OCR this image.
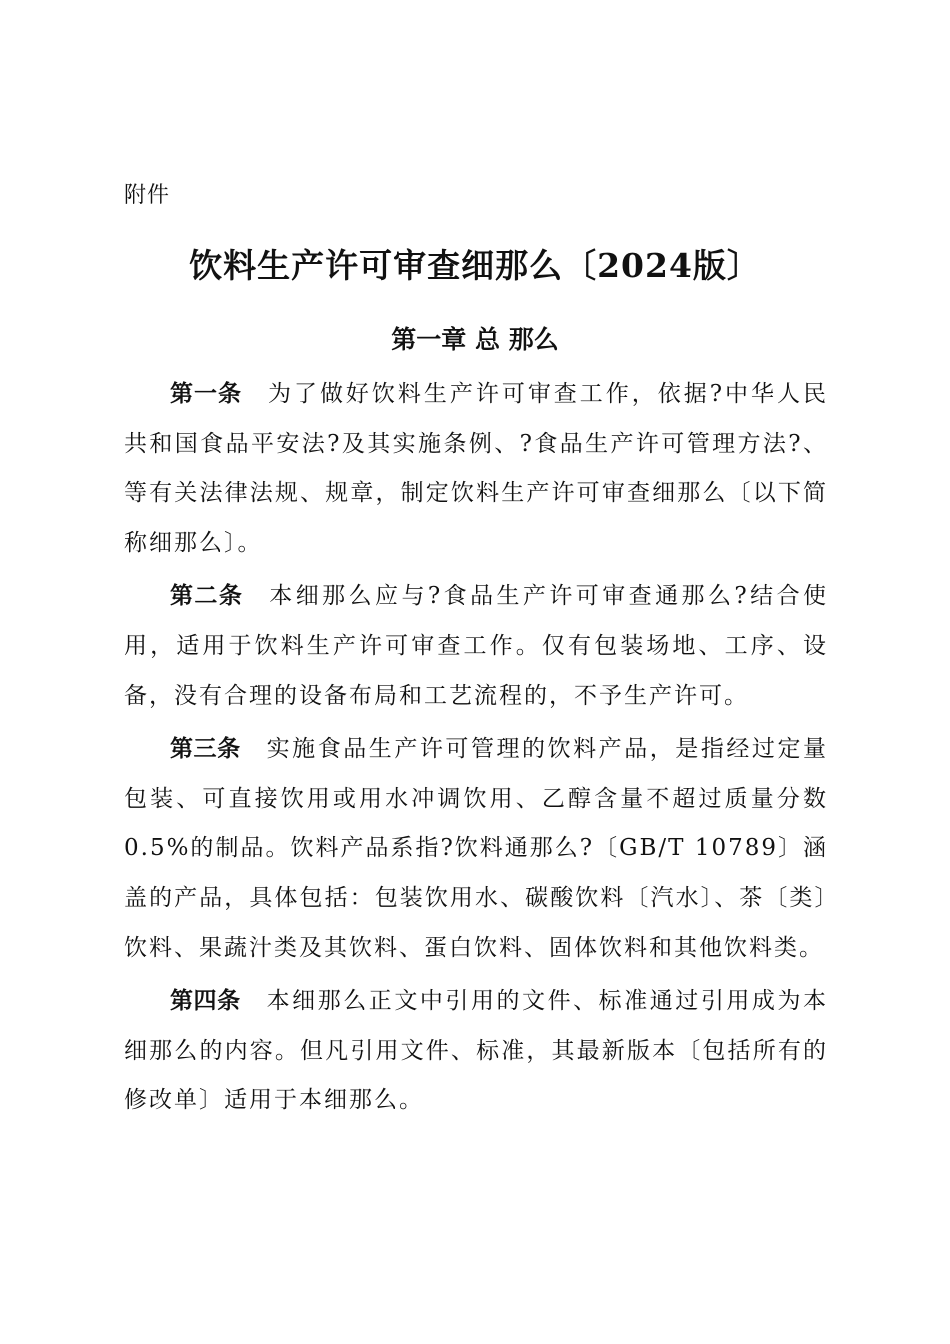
附件
饮料生产许可审查细那么〔2024版〕
第一章 总 那么

第一条 为了做好饮料生产许可审查工作，依据?中华人民共和国食品平安法?及其实施条例、?食品生产许可管理方法?、等有关法律法规、规章，制定饮料生产许可审查细那么〔以下简称细那么〕。

第二条 本细那么应与?食品生产许可审查通那么?结合使用，适用于饮料生产许可审查工作。仅有包装场地、工序、设备，没有合理的设备布局和工艺流程的，不予生产许可。

第三条 实施食品生产许可管理的饮料产品，是指经过定量包装、可直接饮用或用水冲调饮用、乙醇含量不超过质量分数0.5%的制品。饮料产品系指?饮料通那么?〔GB/T 10789〕涵盖的产品，具体包括：包装饮用水、碳酸饮料〔汽水〕、茶〔类〕饮料、果蔬汁类及其饮料、蛋白饮料、固体饮料和其他饮料类。

第四条 本细那么正文中引用的文件、标准通过引用成为本细那么的内容。但凡引用文件、标准，其最新版本〔包括所有的修改单〕适用于本细那么。
